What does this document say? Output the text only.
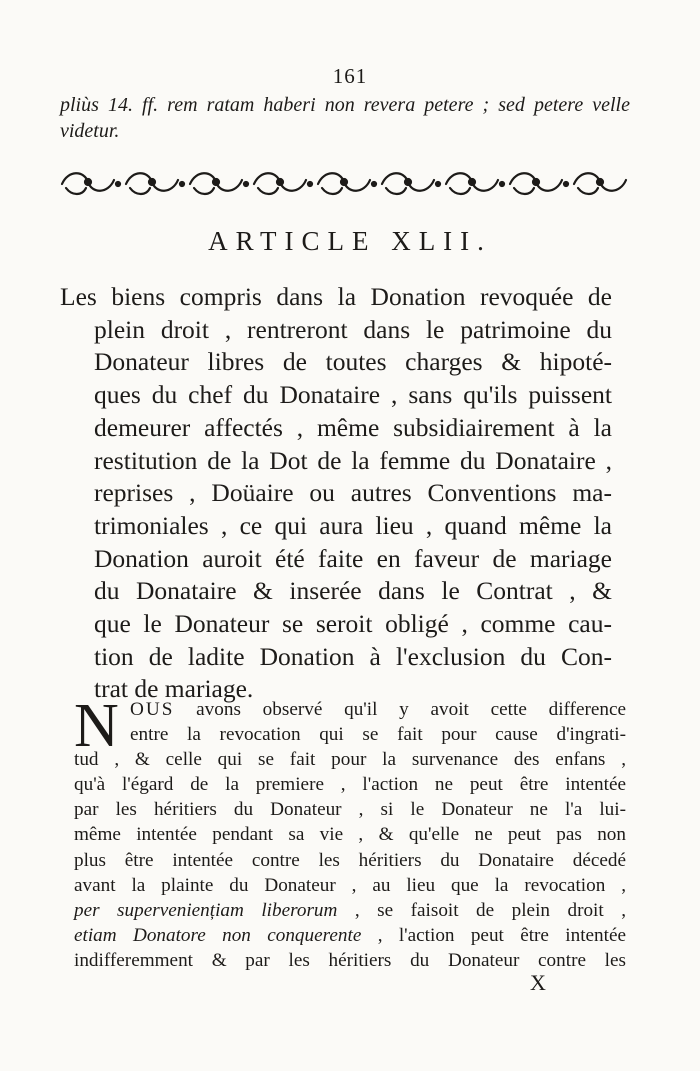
161
pliùs 14. ff. rem ratam haberi non revera petere ; sed petere velle videtur.
ARTICLE XLII.
Les biens compris dans la Donation revoquée de
plein droit , rentreront dans le patrimoine du
Donateur libres de toutes charges & hipoté-
ques du chef du Donataire , sans qu'ils puissent
demeurer affectés , même subsidiairement à la
restitution de la Dot de la femme du Donataire ,
reprises , Doüaire ou autres Conventions ma-
trimoniales , ce qui aura lieu , quand même la
Donation auroit été faite en faveur de mariage
du Donataire & inserée dans le Contrat , &
que le Donateur se seroit obligé , comme cau-
tion de ladite Donation à l'exclusion du Con-
trat de mariage.
N OUS avons observé qu'il y avoit cette difference
entre la revocation qui se fait pour cause d'ingrati-
tud , & celle qui se fait pour la survenance des enfans ,
qu'à l'égard de la premiere , l'action ne peut être intentée
par les héritiers du Donateur , si le Donateur ne l'a lui-
même intentée pendant sa vie , & qu'elle ne peut pas non
plus être intentée contre les héritiers du Donataire décedé
avant la plainte du Donateur , au lieu que la revocation ,
per superveniențiam liberorum , se faisoit de plein droit ,
etiam Donatore non conquerente , l'action peut être intentée
indifferemment & par les héritiers du Donateur contre les
X
